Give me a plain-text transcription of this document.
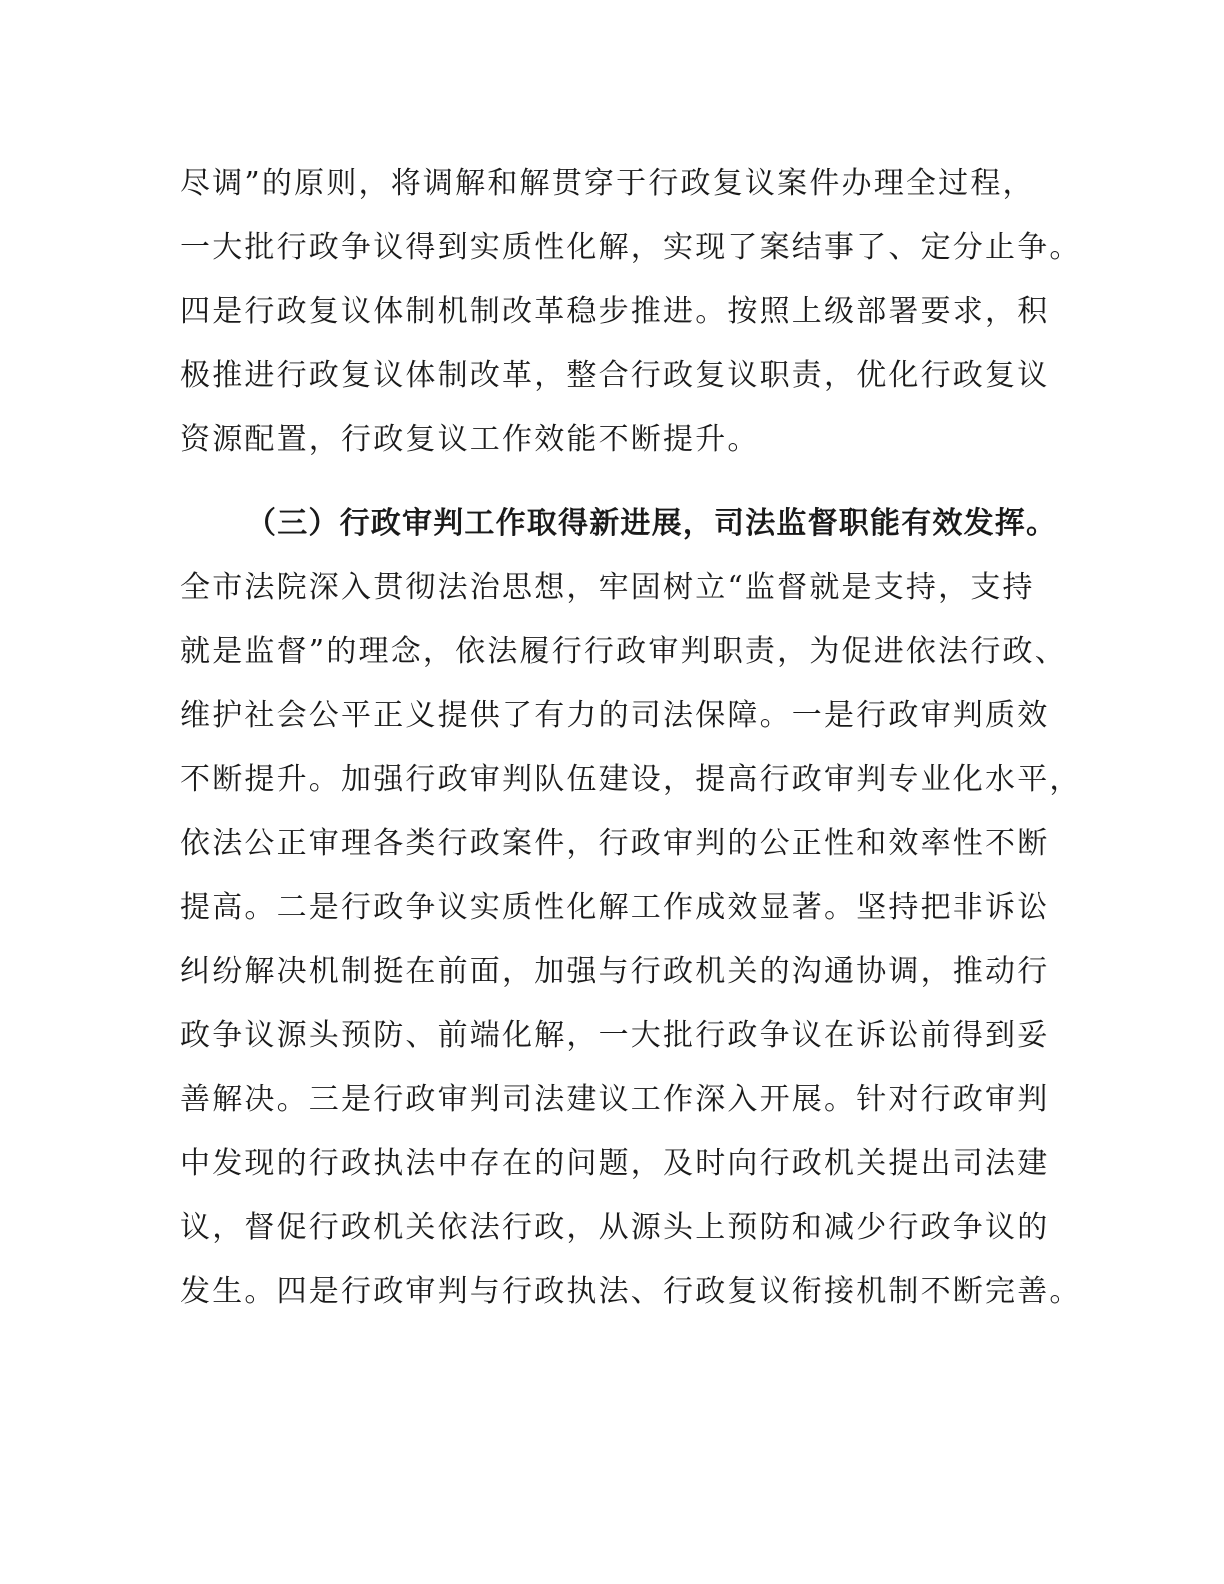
尽调”的原则，将调解和解贯穿于行政复议案件办理全过程，
一大批行政争议得到实质性化解，实现了案结事了、定分止争。
四是行政复议体制机制改革稳步推进。按照上级部署要求，积
极推进行政复议体制改革，整合行政复议职责，优化行政复议
资源配置，行政复议工作效能不断提升。
（三）行政审判工作取得新进展，司法监督职能有效发挥。
全市法院深入贯彻法治思想，牢固树立“监督就是支持，支持
就是监督”的理念，依法履行行政审判职责，为促进依法行政、
维护社会公平正义提供了有力的司法保障。一是行政审判质效
不断提升。加强行政审判队伍建设，提高行政审判专业化水平，
依法公正审理各类行政案件，行政审判的公正性和效率性不断
提高。二是行政争议实质性化解工作成效显著。坚持把非诉讼
纠纷解决机制挺在前面，加强与行政机关的沟通协调，推动行
政争议源头预防、前端化解，一大批行政争议在诉讼前得到妥
善解决。三是行政审判司法建议工作深入开展。针对行政审判
中发现的行政执法中存在的问题，及时向行政机关提出司法建
议，督促行政机关依法行政，从源头上预防和减少行政争议的
发生。四是行政审判与行政执法、行政复议衔接机制不断完善。
